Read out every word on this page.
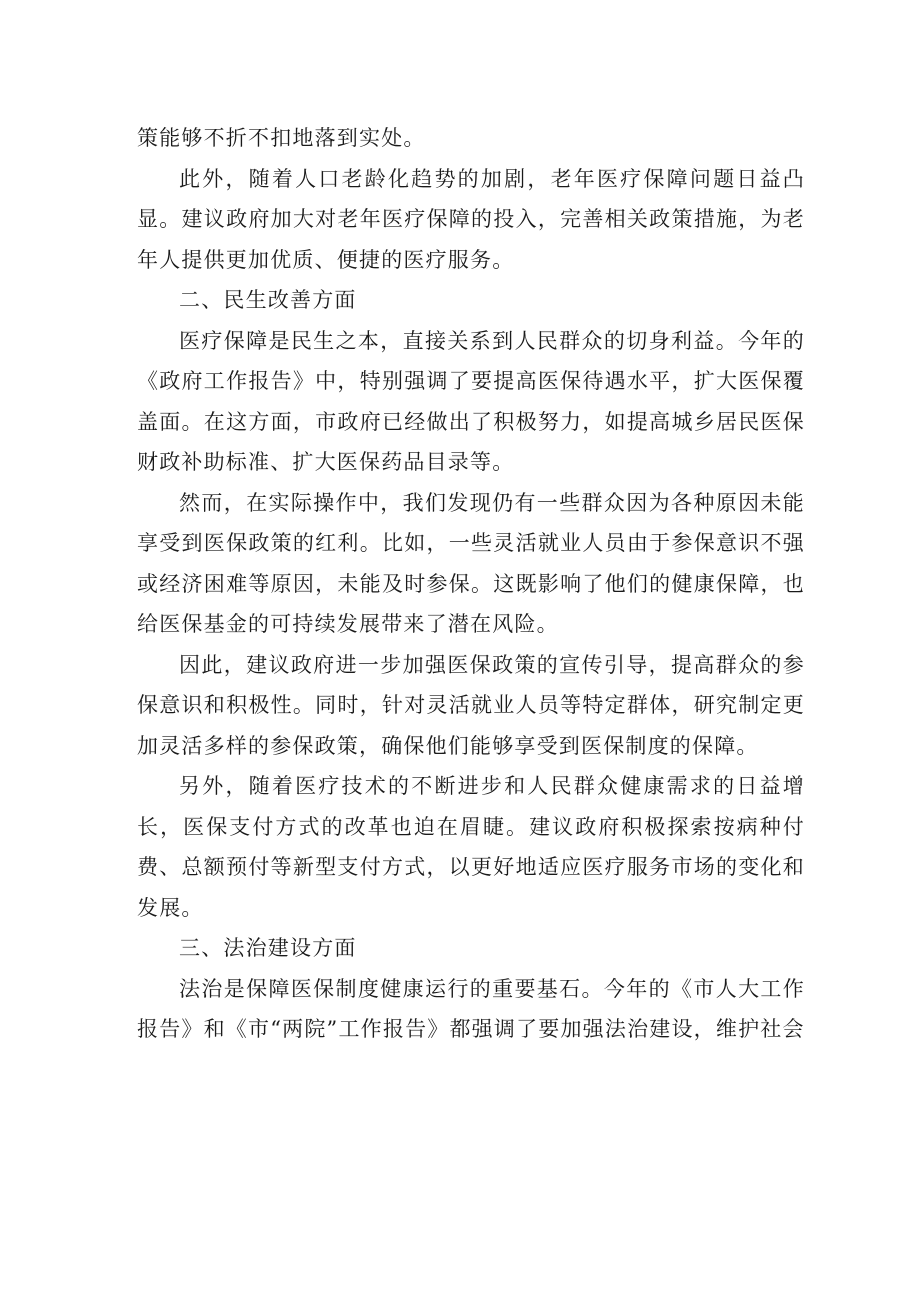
策能够不折不扣地落到实处。

此外，随着人口老龄化趋势的加剧，老年医疗保障问题日益凸显。建议政府加大对老年医疗保障的投入，完善相关政策措施，为老年人提供更加优质、便捷的医疗服务。

二、民生改善方面

医疗保障是民生之本，直接关系到人民群众的切身利益。今年的《政府工作报告》中，特别强调了要提高医保待遇水平，扩大医保覆盖面。在这方面，市政府已经做出了积极努力，如提高城乡居民医保财政补助标准、扩大医保药品目录等。

然而，在实际操作中，我们发现仍有一些群众因为各种原因未能享受到医保政策的红利。比如，一些灵活就业人员由于参保意识不强或经济困难等原因，未能及时参保。这既影响了他们的健康保障，也给医保基金的可持续发展带来了潜在风险。

因此，建议政府进一步加强医保政策的宣传引导，提高群众的参保意识和积极性。同时，针对灵活就业人员等特定群体，研究制定更加灵活多样的参保政策，确保他们能够享受到医保制度的保障。

另外，随着医疗技术的不断进步和人民群众健康需求的日益增长，医保支付方式的改革也迫在眉睫。建议政府积极探索按病种付费、总额预付等新型支付方式，以更好地适应医疗服务市场的变化和发展。

三、法治建设方面

法治是保障医保制度健康运行的重要基石。今年的《市人大工作报告》和《市“两院”工作报告》都强调了要加强法治建设，维护社会
